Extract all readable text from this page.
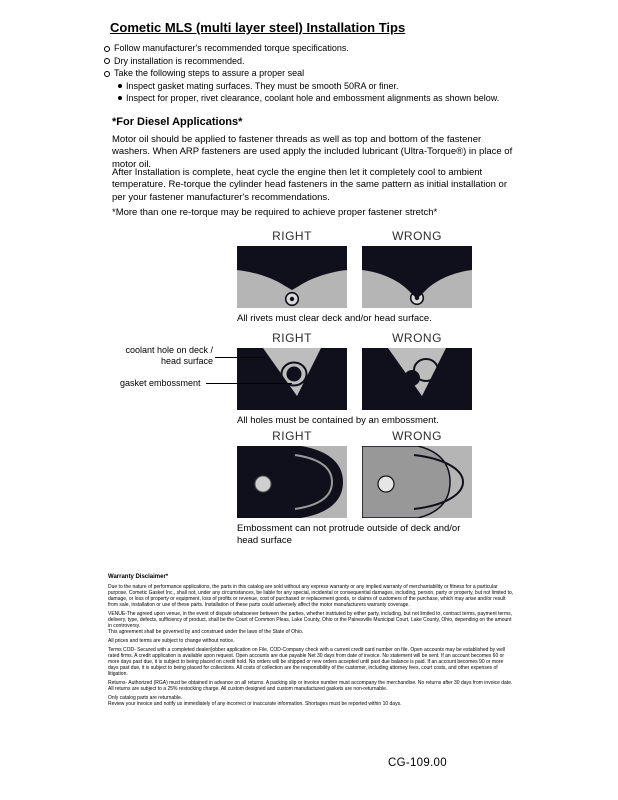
Cometic MLS (multi layer steel) Installation Tips
Follow manufacturer's recommended torque specifications.
Dry installation is recommended.
Take the following steps to assure a proper seal
Inspect gasket mating surfaces. They must be smooth 50RA or finer.
Inspect for proper, rivet clearance, coolant hole and embossment alignments as shown below.
*For Diesel Applications*

Motor oil should be applied to fastener threads as well as top and bottom of the fastener washers. When ARP fasteners are used apply the included lubricant (Ultra-Torque®) in place of motor oil.

After Installation is complete, heat cycle the engine then let it completely cool to ambient temperature. Re-torque the cylinder head fasteners in the same pattern as initial installation or per your fastener manufacturer's recommendations.

*More than one re-torque may be required to achieve proper fastener stretch*

RIGHT	WRONG
All rivets must clear deck and/or head surface.
RIGHT	WRONG
All holes must be contained by an embossment.
coolant hole on deck / head surface
gasket embossment
RIGHT	WRONG
Embossment can not protrude outside of deck and/or head surface
Warranty Disclaimer*

Due to the nature of performance applications, the parts in this catalog are sold without any express warranty or any implied warranty of merchantability or fitness for a particular purpose. Cometic Gasket Inc., shall not, under any circumstances, be liable for any special, incidental or consequential damages, including, person, party or property, but not limited to, damage, or loss of property or equipment, loss of profits or revenue, cost of purchased or replacement goods, or claims of customers of the purchase, which may arise and/or result from sale, installation or use of these parts. Installation of these parts could adversely affect the motor manufacturers warranty coverage.

VENUE-The agreed upon venue, in the event of dispute whatsoever between the parties, whether instituted by either party, including, but not limited to, contract terms, payment terms, delivery, type, defects, sufficiency of product, shall be the Court of Common Pleas, Lake County, Ohio or the Painesville Municipal Court, Lake County, Ohio, depending on the amount in controversy.

This agreement shall be governed by and construed under the laws of the State of Ohio.

All prices and terms are subject to change without notice.

Terms COD- Secured with a completed dealer/jobber application on File, COD-Company check with a current credit card number on file. Open accounts may be established by well rated firms. A credit application is available upon request. Open accounts are due payable Net 30 days from date of invoice. No statement will be sent. If an account becomes 60 or more days past due, it is subject to being placed on credit hold. No orders will be shipped or new orders accepted until past due balance is paid. If an account becomes 90 or more days past due, it is subject to being placed for collections. All costs of collection are the responsibility of the customer, including attorney fees, court costs, and other expenses of litigation.

Returns- Authorized (RGA) must be obtained in advance on all returns. A packing slip or invoice number must accompany the merchandise. No returns after 30 days from invoice date. All returns are subject to a 25% restocking charge. All custom designed and custom manufactured gaskets are non-returnable.

Only catalog parts are returnable.

Review your invoice and notify us immediately of any incorrect or inaccurate information. Shortages must be reported within 10 days.

CG-109.00
